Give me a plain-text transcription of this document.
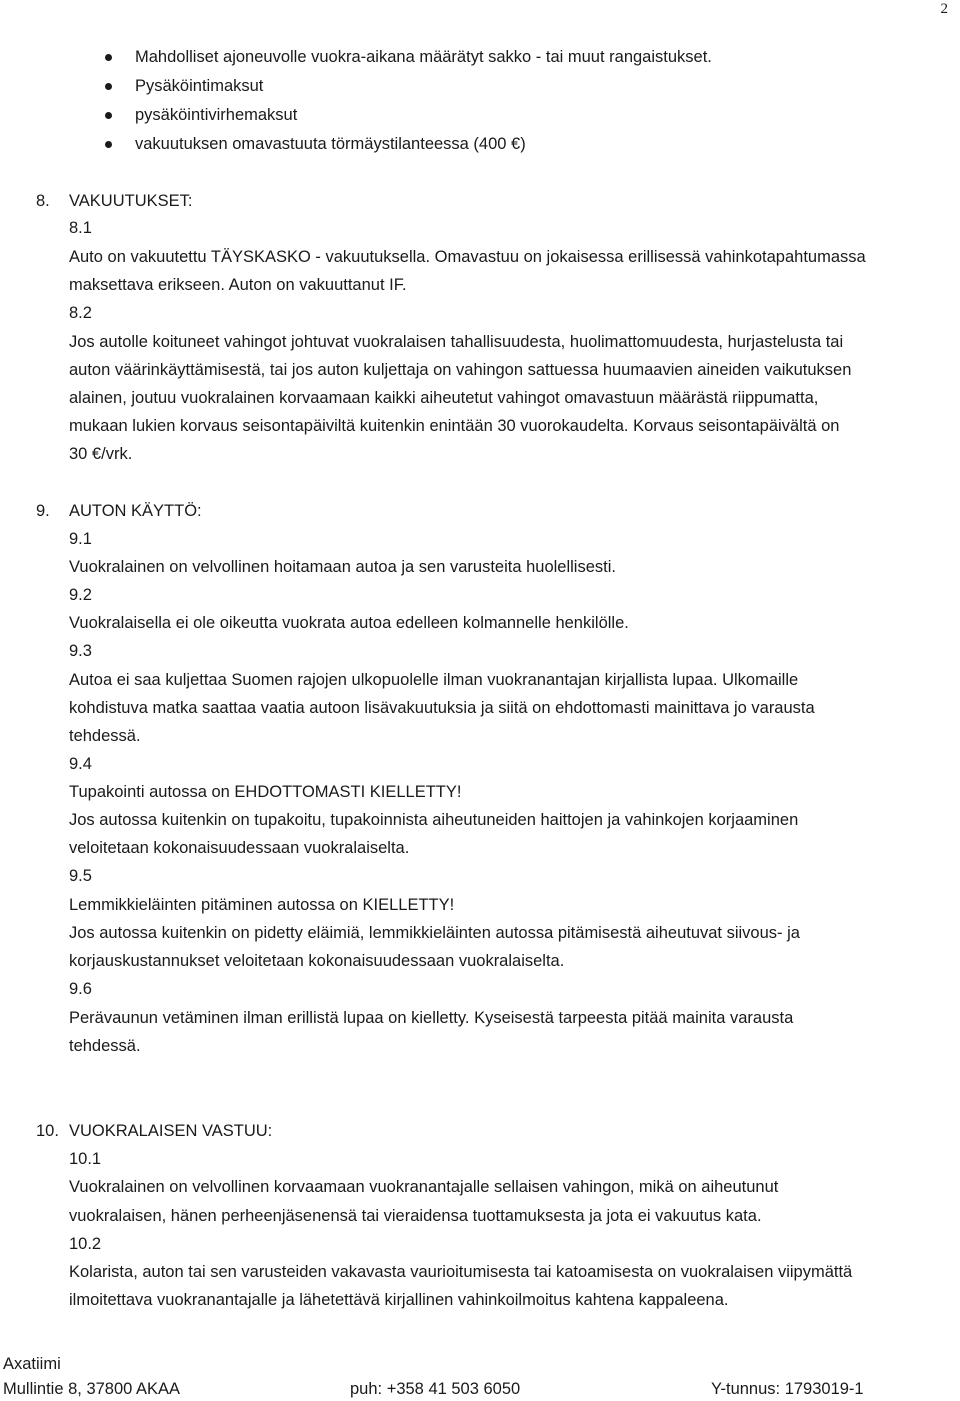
2
Mahdolliset ajoneuvolle vuokra-aikana määrätyt sakko - tai muut rangaistukset.
Pysäköintimaksut
pysäköintivirhemaksut
vakuutuksen omavastuuta törmäystilanteessa (400 €)
8. VAKUUTUKSET:
8.1
Auto on vakuutettu TÄYSKASKO - vakuutuksella. Omavastuu on jokaisessa erillisessä vahinkotapahtumassa
maksettava erikseen. Auton on vakuuttanut IF.
8.2
Jos autolle koituneet vahingot johtuvat vuokralaisen tahallisuudesta, huolimattomuudesta, hurjastelusta tai
auton väärinkäyttämisestä, tai jos auton kuljettaja on vahingon sattuessa huumaavien aineiden vaikutuksen
alainen, joutuu vuokralainen korvaamaan kaikki aiheutetut vahingot omavastuun määrästä riippumatta,
mukaan lukien korvaus seisontapäiviltä kuitenkin enintään 30 vuorokaudelta. Korvaus seisontapäivältä on
30 €/vrk.
9. AUTON KÄYTTÖ:
9.1
Vuokralainen on velvollinen hoitamaan autoa ja sen varusteita huolellisesti.
9.2
Vuokralaisella ei ole oikeutta vuokrata autoa edelleen kolmannelle henkilölle.
9.3
Autoa ei saa kuljettaa Suomen rajojen ulkopuolelle ilman vuokranantajan kirjallista lupaa. Ulkomaille
kohdistuva matka saattaa vaatia autoon lisävakuutuksia ja siitä on ehdottomasti mainittava jo varausta
tehdessä.
9.4
Tupakointi autossa on EHDOTTOMASTI KIELLETTY!
Jos autossa kuitenkin on tupakoitu, tupakoinnista aiheutuneiden haittojen ja vahinkojen korjaaminen
veloitetaan kokonaisuudessaan vuokralaiselta.
9.5
Lemmikkieläinten pitäminen autossa on KIELLETTY!
Jos autossa kuitenkin on pidetty eläimiä, lemmikkieläinten autossa pitämisestä aiheutuvat siivous- ja
korjauskustannukset veloitetaan kokonaisuudessaan vuokralaiselta.
9.6
Perävaunun vetäminen ilman erillistä lupaa on kielletty. Kyseisestä tarpeesta pitää mainita varausta
tehdessä.
10. VUOKRALAISEN VASTUU:
10.1
Vuokralainen on velvollinen korvaamaan vuokranantajalle sellaisen vahingon, mikä on aiheutunut
vuokralaisen, hänen perheenjäsenensä tai vieraidensa tuottamuksesta ja jota ei vakuutus kata.
10.2
Kolarista, auton tai sen varusteiden vakavasta vaurioitumisesta tai katoamisesta on vuokralaisen viipymättä
ilmoitettava vuokranantajalle ja lähetettävä kirjallinen vahinkoilmoitus kahtena kappaleena.
Axatiimi
Mullintie 8, 37800 AKAA	puh: +358 41 503 6050	Y-tunnus: 1793019-1
